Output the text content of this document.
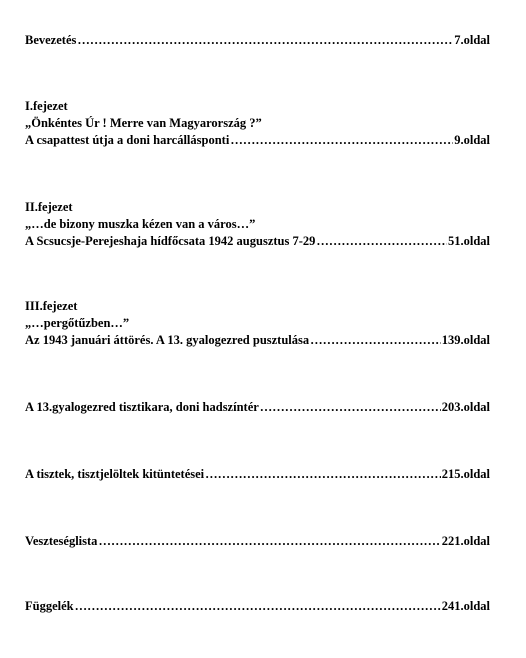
Bevezetés ………………………………………………………………………………………………………………………………………………………	7.oldal
I.fejezet
„Önkéntes Úr ! Merre van Magyarország ?”
A csapattest útja a doni harcállásponti ………………………………………………………………………………………………………………………………………………………	9.oldal
II.fejezet
„…de bizony muszka kézen van a város…”
A Scsucsje-Perejeshaja hídfőcsata 1942 augusztus 7-29 ………………………………………………………………………………………………………………………………………………………	51.oldal
III.fejezet
„…pergőtűzben…”
Az 1943 januári áttörés. A 13. gyalogezred pusztulása ………………………………………………………………………………………………………………………………………………………	139.oldal
A 13.gyalogezred tisztikara, doni hadszíntér ………………………………………………………………………………………………………………………………………………………	203.oldal
A tisztek, tisztjelöltek kitüntetései ………………………………………………………………………………………………………………………………………………………	215.oldal
Veszteséglista ………………………………………………………………………………………………………………………………………………………	221.oldal
Függelék ………………………………………………………………………………………………………………………………………………………	241.oldal
